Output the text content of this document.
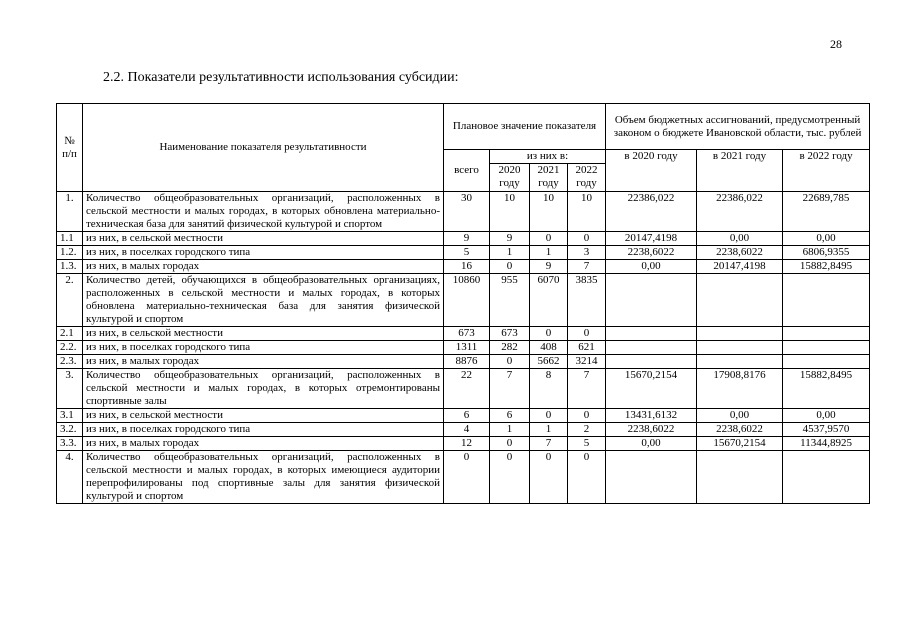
28
2.2. Показатели результативности использования субсидии:
№ п/п	Наименование показателя результативности	Плановое значение показателя				Объем бюджетных ассигнований, предусмотренный законом о бюджете Ивановской области, тыс. рублей		
		всего	из них в:			в 2020 году	в 2021 году	в 2022 году
			2020 году	2021 году	2022 году			
1.	Количество общеобразовательных организаций, расположенных в сельской местности и малых городах, в которых обновлена материально-техническая база для занятий физической культурой и спортом	30	10	10	10	22386,022	22386,022	22689,785
1.1	из них, в сельской местности	9	9	0	0	20147,4198	0,00	0,00
1.2.	из них, в поселках городского типа	5	1	1	3	2238,6022	2238,6022	6806,9355
1.3.	из них, в малых городах	16	0	9	7	0,00	20147,4198	15882,8495
2.	Количество детей, обучающихся в общеобразовательных организациях, расположенных в сельской местности и малых городах, в которых обновлена материально-техническая база для занятия физической культурой и спортом	10860	955	6070	3835			
2.1	из них, в сельской местности	673	673	0	0			
2.2.	из них, в поселках городского типа	1311	282	408	621			
2.3.	из них, в малых городах	8876	0	5662	3214			
3.	Количество общеобразовательных организаций, расположенных в сельской местности и малых городах, в которых отремонтированы спортивные залы	22	7	8	7	15670,2154	17908,8176	15882,8495
3.1	из них, в сельской местности	6	6	0	0	13431,6132	0,00	0,00
3.2.	из них, в поселках городского типа	4	1	1	2	2238,6022	2238,6022	4537,9570
3.3.	из них, в малых городах	12	0	7	5	0,00	15670,2154	11344,8925
4.	Количество общеобразовательных организаций, расположенных в сельской местности и малых городах, в которых имеющиеся аудитории перепрофилированы под спортивные залы для занятия физической культурой и спортом	0	0	0	0			
